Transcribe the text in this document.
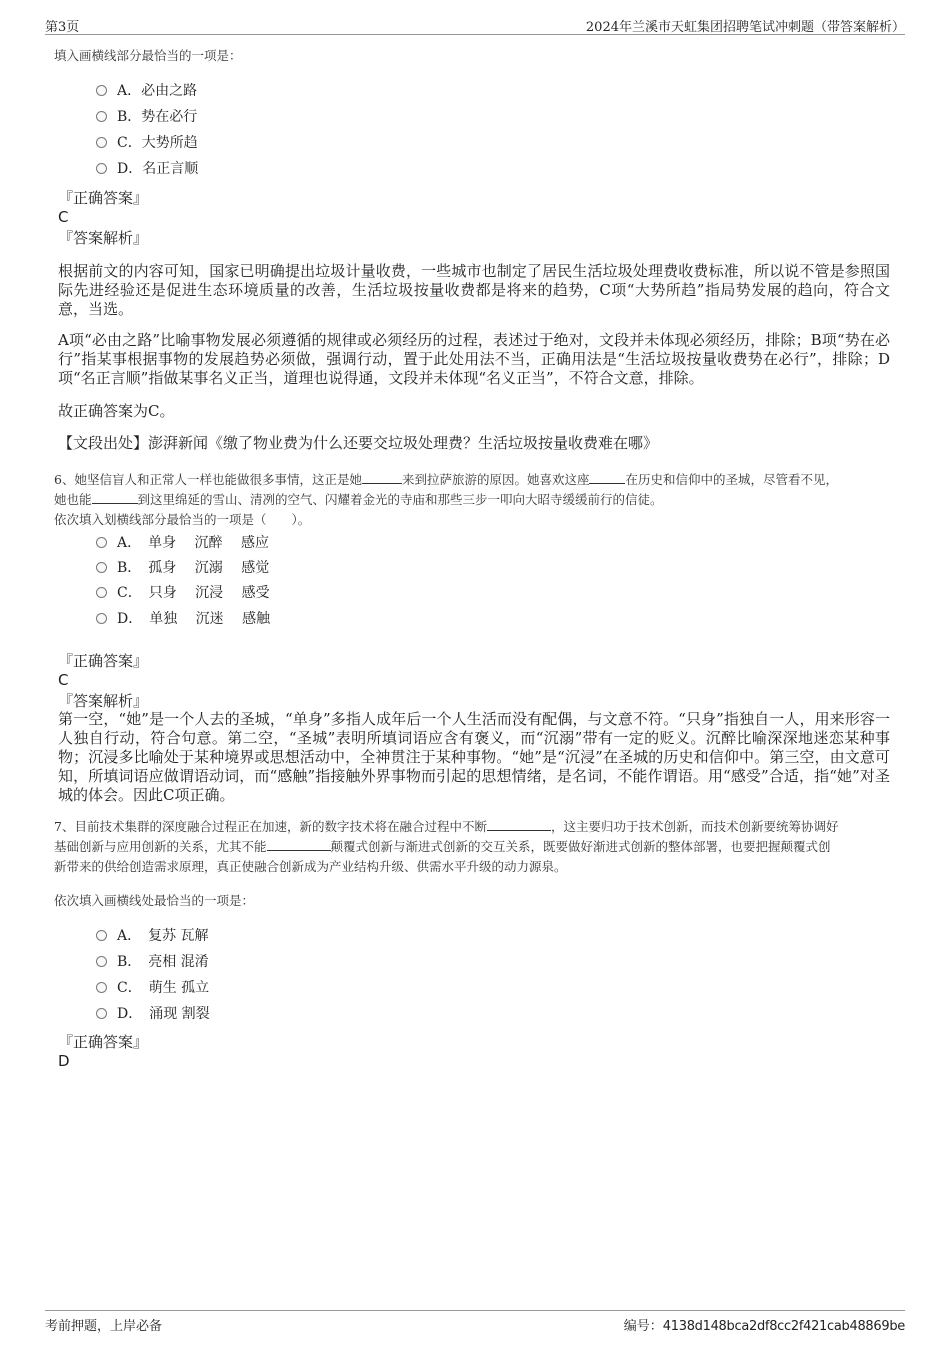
第3页	2024年兰溪市天虹集团招聘笔试冲刺题（带答案解析）
填入画横线部分最恰当的一项是：
A．必由之路
B．势在必行
C．大势所趋
D．名正言顺
『正确答案』
C
『答案解析』
根据前文的内容可知，国家已明确提出垃圾计量收费，一些城市也制定了居民生活垃圾处理费收费标准，所以说不管是参照国际先进经验还是促进生态环境质量的改善，生活垃圾按量收费都是将来的趋势，C项“大势所趋”指局势发展的趋向，符合文意，当选。
A项“必由之路”比喻事物发展必须遵循的规律或必须经历的过程，表述过于绝对，文段并未体现必须经历，排除；B项“势在必行”指某事根据事物的发展趋势必须做，强调行动，置于此处用法不当，正确用法是“生活垃圾按量收费势在必行”，排除；D项“名正言顺”指做某事名义正当，道理也说得通，文段并未体现“名义正当”，不符合文意，排除。
故正确答案为C。
【文段出处】澎湃新闻《缴了物业费为什么还要交垃圾处理费？生活垃圾按量收费难在哪》
6、她坚信盲人和正常人一样也能做很多事情，这正是她	来到拉萨旅游的原因。她喜欢这座	在历史和信仰中的圣城，尽管看不见，
她也能	到这里绵延的雪山、清冽的空气、闪耀着金光的寺庙和那些三步一叩向大昭寺缓缓前行的信徒。
依次填入划横线部分最恰当的一项是（　　）。
A．　单身　 沉醉　 感应
B．　孤身　 沉溺　 感觉
C．　只身　 沉浸　 感受
D．　单独　 沉迷　 感触
『正确答案』
C
『答案解析』
第一空，“她”是一个人去的圣城，“单身”多指人成年后一个人生活而没有配偶，与文意不符。“只身”指独自一人，用来形容一人独自行动，符合句意。第二空，“圣城”表明所填词语应含有褒义，而“沉溺”带有一定的贬义。沉醉比喻深深地迷恋某种事物；沉浸多比喻处于某种境界或思想活动中，全神贯注于某种事物。“她”是“沉浸”在圣城的历史和信仰中。第三空，由文意可知，所填词语应做谓语动词，而“感触”指接触外界事物而引起的思想情绪，是名词，不能作谓语。用“感受”合适，指“她”对圣城的体会。因此C项正确。
7、目前技术集群的深度融合过程正在加速，新的数字技术将在融合过程中不断	，这主要归功于技术创新，而技术创新要统筹协调好
基础创新与应用创新的关系，尤其不能	颠覆式创新与渐进式创新的交互关系，既要做好渐进式创新的整体部署，也要把握颠覆式创
新带来的供给创造需求原理，真正使融合创新成为产业结构升级、供需水平升级的动力源泉。
依次填入画横线处最恰当的一项是：
A．　复苏 瓦解
B．　亮相 混淆
C．　萌生 孤立
D．　涌现 割裂
『正确答案』
D
考前押题，上岸必备	编号：4138d148bca2df8cc2f421cab48869be
